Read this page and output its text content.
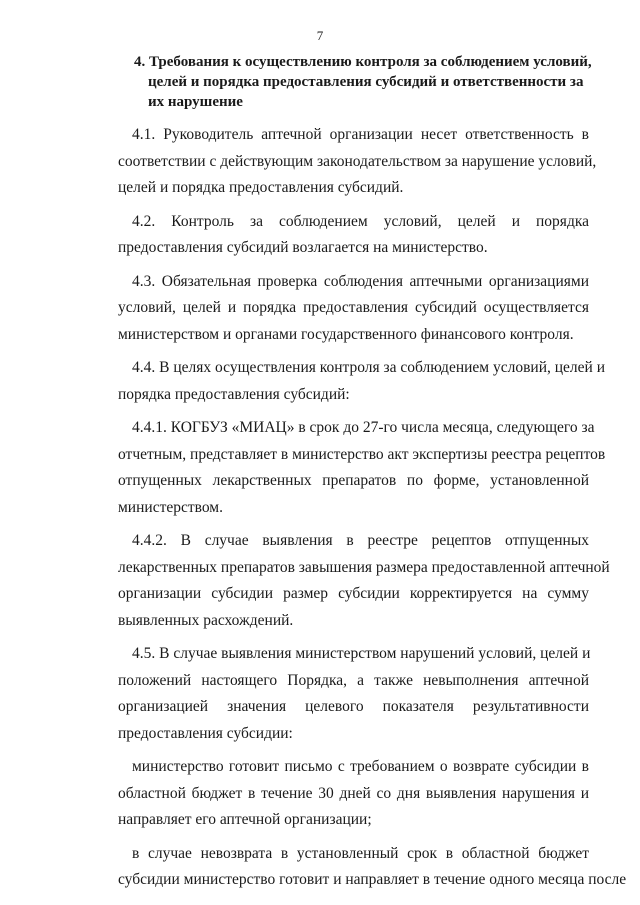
7
4. Требования к осуществлению контроля за соблюдением условий,
целей и порядка предоставления субсидий и ответственности за
их нарушение
4.1. Руководитель аптечной организации несет ответственность в
соответствии с действующим законодательством за нарушение условий,
целей и порядка предоставления субсидий.
4.2. Контроль за соблюдением условий, целей и порядка
предоставления субсидий возлагается на министерство.
4.3. Обязательная проверка соблюдения аптечными организациями
условий, целей и порядка предоставления субсидий осуществляется
министерством и органами государственного финансового контроля.
4.4. В целях осуществления контроля за соблюдением условий, целей и
порядка предоставления субсидий:
4.4.1. КОГБУЗ «МИАЦ» в срок до 27-го числа месяца, следующего за
отчетным, представляет в министерство акт экспертизы реестра рецептов
отпущенных лекарственных препаратов по форме, установленной
министерством.
4.4.2. В случае выявления в реестре рецептов отпущенных
лекарственных препаратов завышения размера предоставленной аптечной
организации субсидии размер субсидии корректируется на сумму
выявленных расхождений.
4.5. В случае выявления министерством нарушений условий, целей и
положений настоящего Порядка, а также невыполнения аптечной
организацией значения целевого показателя результативности
предоставления субсидии:
министерство готовит письмо с требованием о возврате субсидии в
областной бюджет в течение 30 дней со дня выявления нарушения и
направляет его аптечной организации;
в случае невозврата в установленный срок в областной бюджет
субсидии министерство готовит и направляет в течение одного месяца после
